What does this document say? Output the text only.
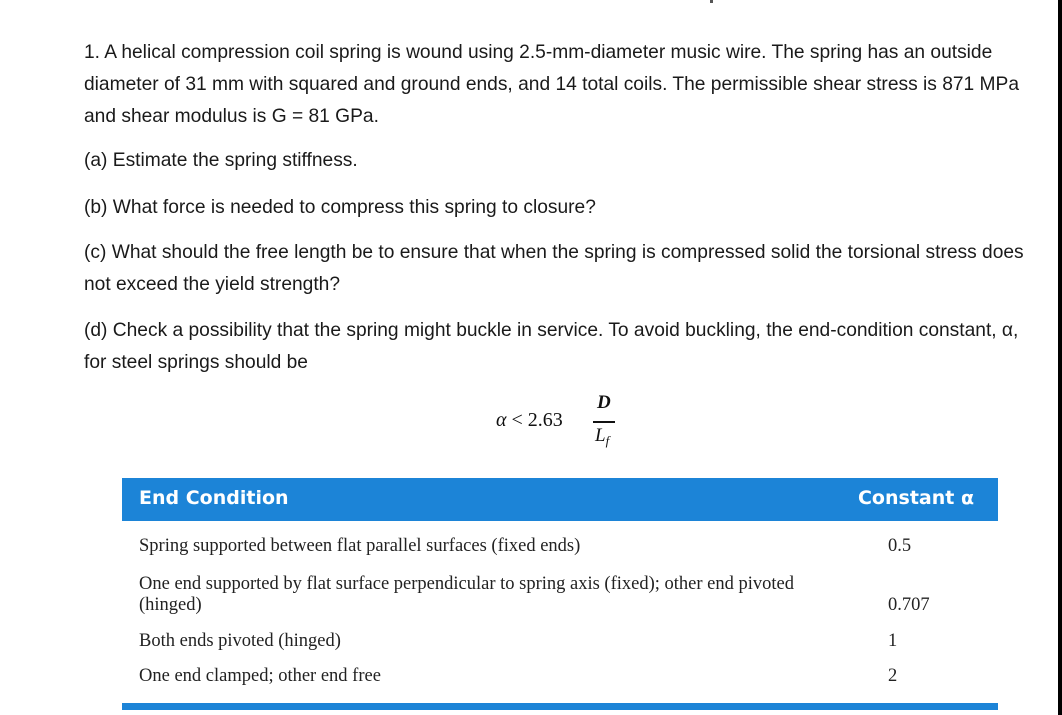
1. A helical compression coil spring is wound using 2.5-mm-diameter music wire. The spring has an outside diameter of 31 mm with squared and ground ends, and 14 total coils. The permissible shear stress is 871 MPa and shear modulus is G = 81 GPa.
(a) Estimate the spring stiffness.
(b) What force is needed to compress this spring to closure?
(c) What should the free length be to ensure that when the spring is compressed solid the torsional stress does not exceed the yield strength?
(d) Check a possibility that the spring might buckle in service. To avoid buckling, the end-condition constant, α, for steel springs should be
α < 2.63
D
$L_f$
End Condition	Constant α
Spring supported between flat parallel surfaces (fixed ends)	0.5
One end supported by flat surface perpendicular to spring axis (fixed); other end pivoted (hinged)	0.707
Both ends pivoted (hinged)	1
One end clamped; other end free	2
